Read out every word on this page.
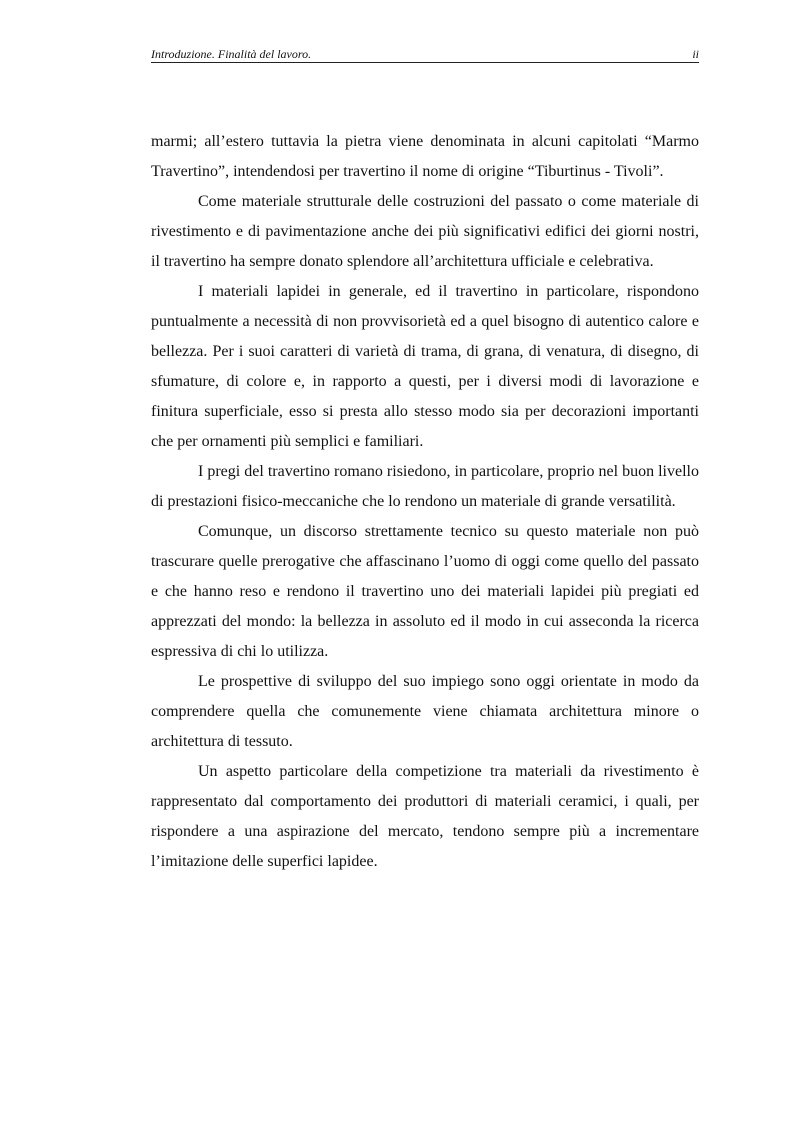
Introduzione. Finalità del lavoro.	ii

marmi; all’estero tuttavia la pietra viene denominata in alcuni capitolati “Marmo Travertino”, intendendosi per travertino il nome di origine “Tiburtinus - Tivoli”.

Come materiale strutturale delle costruzioni del passato o come materiale di rivestimento e di pavimentazione anche dei più significativi edifici dei giorni nostri, il travertino ha sempre donato splendore all’architettura ufficiale e celebrativa.

I materiali lapidei in generale, ed il travertino in particolare, rispondono puntualmente a necessità di non provvisorietà ed a quel bisogno di autentico calore e bellezza. Per i suoi caratteri di varietà di trama, di grana, di venatura, di disegno, di sfumature, di colore e, in rapporto a questi, per i diversi modi di lavorazione e finitura superficiale, esso si presta allo stesso modo sia per decorazioni importanti che per ornamenti più semplici e familiari.

I pregi del travertino romano risiedono, in particolare, proprio nel buon livello di prestazioni fisico-meccaniche che lo rendono un materiale di grande versatilità.

Comunque, un discorso strettamente tecnico su questo materiale non può trascurare quelle prerogative che affascinano l’uomo di oggi come quello del passato e che hanno reso e rendono il travertino uno dei materiali lapidei più pregiati ed apprezzati del mondo: la bellezza in assoluto ed il modo in cui asseconda la ricerca espressiva di chi lo utilizza.

Le prospettive di sviluppo del suo impiego sono oggi orientate in modo da comprendere quella che comunemente viene chiamata architettura minore o architettura di tessuto.

Un aspetto particolare della competizione tra materiali da rivestimento è rappresentato dal comportamento dei produttori di materiali ceramici, i quali, per rispondere a una aspirazione del mercato, tendono sempre più a incrementare l’imitazione delle superfici lapidee.
